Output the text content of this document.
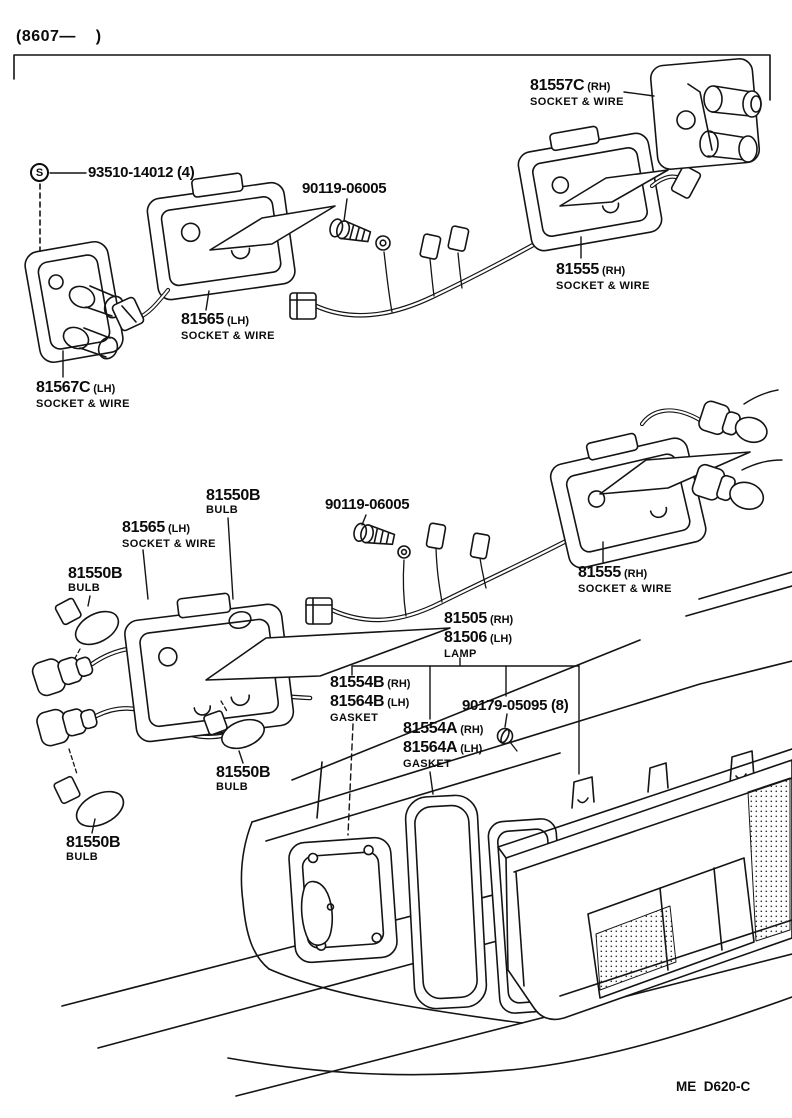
(8607—    )
S	93510-14012 (4)
90119-06005
81557C (RH)
SOCKET & WIRE
81565 (LH)
SOCKET & WIRE
81555 (RH)
SOCKET & WIRE
81567C (LH)
SOCKET & WIRE
81550B
BULB	90119-06005
81565 (LH)
SOCKET & WIRE
81550B
BULB
81555 (RH)
SOCKET & WIRE
81505 (RH)
81506 (LH)
LAMP
81554B (RH)
81564B (LH)
GASKET
90179-05095 (8)
81554A (RH)
81564A (LH)
GASKET
81550B
BULB
81550B
BULB
ME  D620-C
